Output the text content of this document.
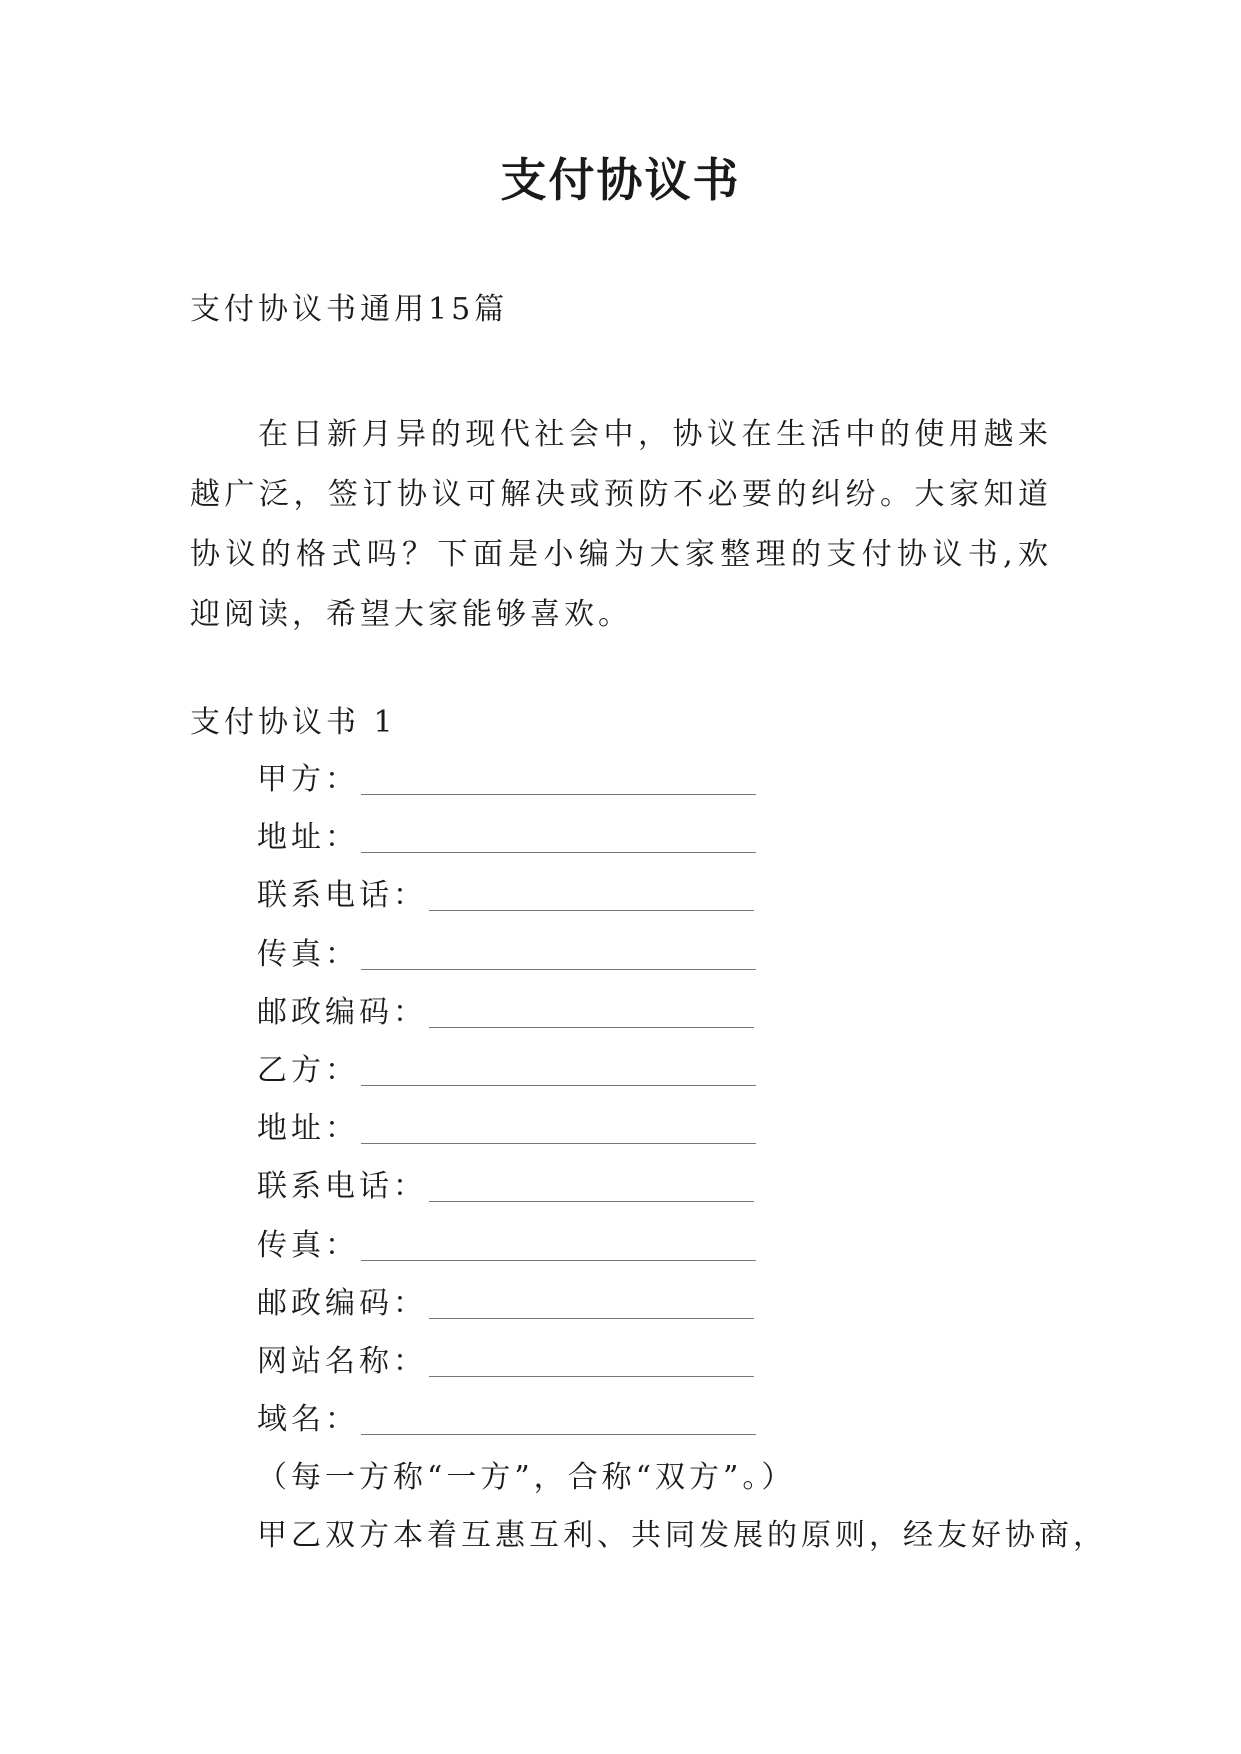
支付协议书
支付协议书通用15篇
在日新月异的现代社会中，协议在生活中的使用越来越广泛，签订协议可解决或预防不必要的纠纷。大家知道协议的格式吗？下面是小编为大家整理的支付协议书,欢迎阅读，希望大家能够喜欢。
支付协议书 1
甲方：
地址：
联系电话：
传真：
邮政编码：
乙方：
地址：
联系电话：
传真：
邮政编码：
网站名称：
域名：
（每一方称“一方”，合称“双方”。）
甲乙双方本着互惠互利、共同发展的原则，经友好协商，
